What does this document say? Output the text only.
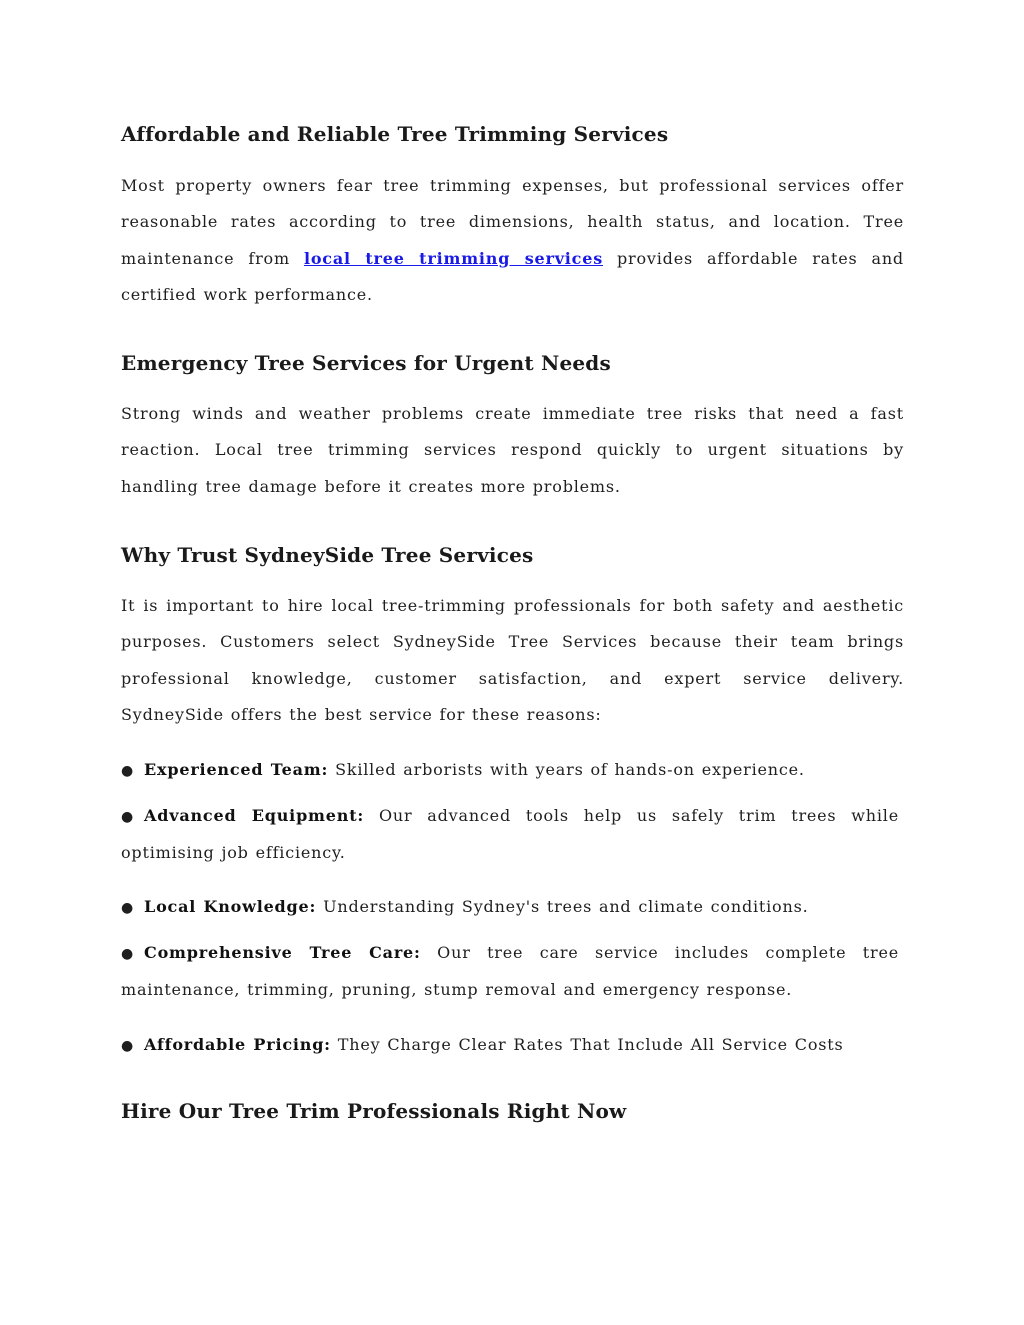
Affordable and Reliable Tree Trimming Services

Most property owners fear tree trimming expenses, but professional services offer reasonable rates according to tree dimensions, health status, and location. Tree maintenance from local tree trimming services provides affordable rates and certified work performance.

Emergency Tree Services for Urgent Needs

Strong winds and weather problems create immediate tree risks that need a fast reaction. Local tree trimming services respond quickly to urgent situations by handling tree damage before it creates more problems.

Why Trust SydneySide Tree Services

It is important to hire local tree-trimming professionals for both safety and aesthetic purposes. Customers select SydneySide Tree Services because their team brings professional knowledge, customer satisfaction, and expert service delivery. SydneySide offers the best service for these reasons:

● Experienced Team: Skilled arborists with years of hands-on experience.

● Advanced Equipment: Our advanced tools help us safely trim trees while optimising job efficiency.

● Local Knowledge: Understanding Sydney's trees and climate conditions.

● Comprehensive Tree Care: Our tree care service includes complete tree maintenance, trimming, pruning, stump removal and emergency response.

● Affordable Pricing: They Charge Clear Rates That Include All Service Costs

Hire Our Tree Trim Professionals Right Now
